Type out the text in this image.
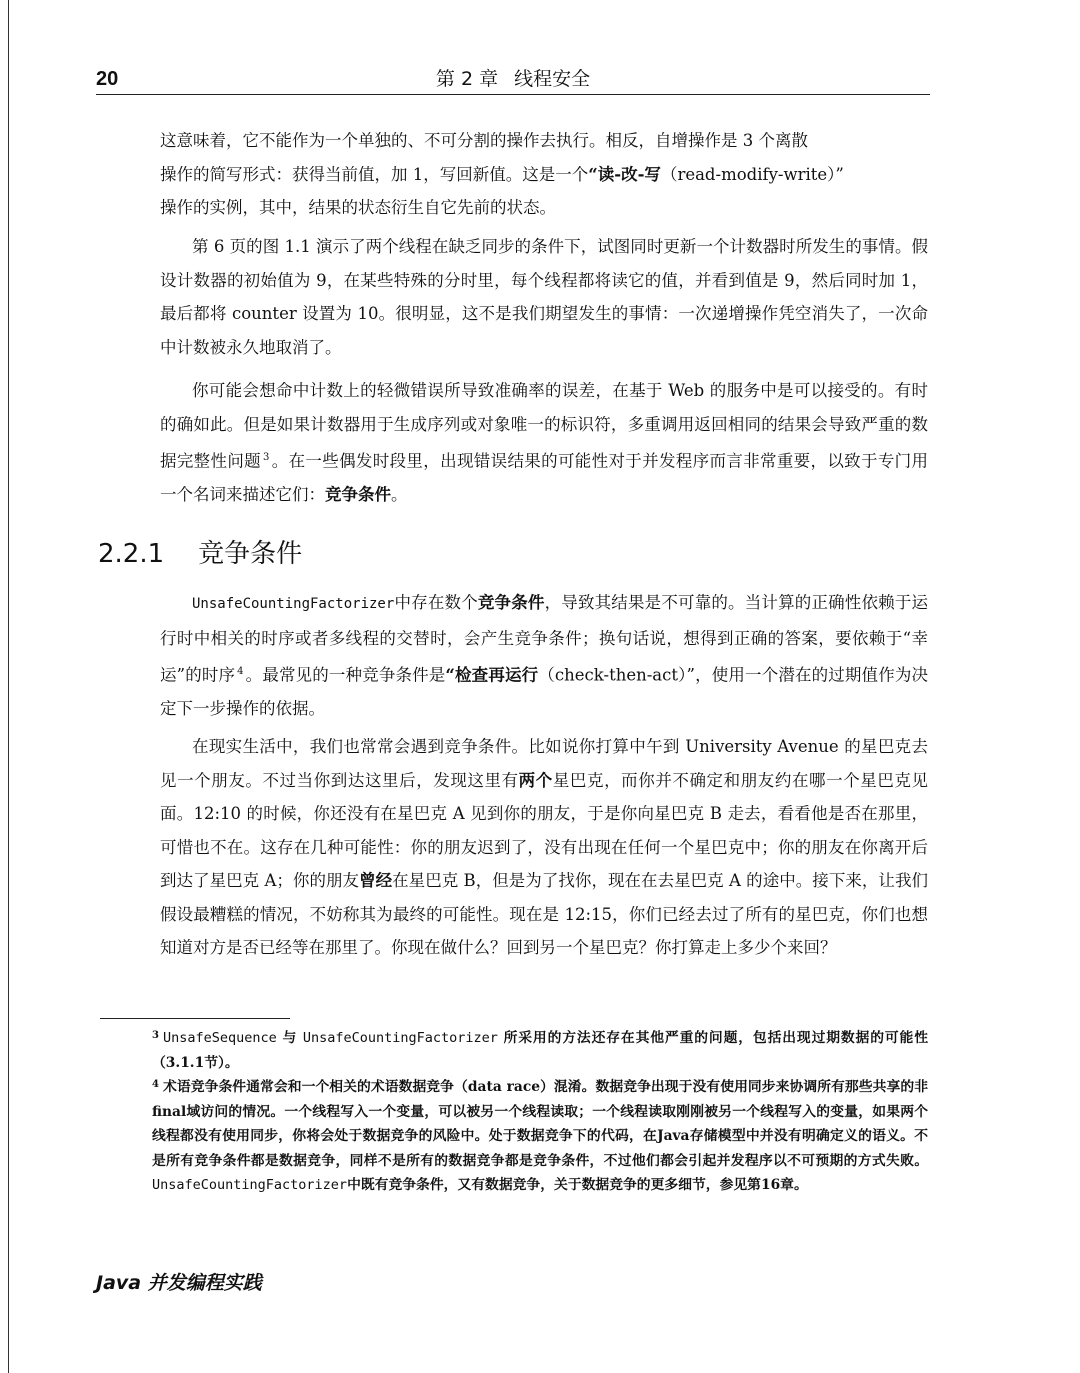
20	第 2 章 线程安全

这意味着，它不能作为一个单独的、不可分割的操作去执行。相反，自增操作是 3 个离散

操作的简写形式：获得当前值，加 1，写回新值。这是一个“读-改-写（read-modify-write）”

操作的实例，其中，结果的状态衍生自它先前的状态。

第 6 页的图 1.1 演示了两个线程在缺乏同步的条件下，试图同时更新一个计数器时所发生的事情。假设计数器的初始值为 9，在某些特殊的分时里，每个线程都将读它的值，并看到值是 9，然后同时加 1，最后都将 counter 设置为 10。很明显，这不是我们期望发生的事情：一次递增操作凭空消失了，一次命中计数被永久地取消了。

你可能会想命中计数上的轻微错误所导致准确率的误差，在基于 Web 的服务中是可以接受的。有时的确如此。但是如果计数器用于生成序列或对象唯一的标识符，多重调用返回相同的结果会导致严重的数据完整性问题 $^3$ 。在一些偶发时段里，出现错误结果的可能性对于并发程序而言非常重要，以致于专门用一个名词来描述它们：竞争条件。

2.2.1 竞争条件

UnsafeCountingFactorizer中存在数个竞争条件，导致其结果是不可靠的。当计算的正确性依赖于运行时中相关的时序或者多线程的交替时，会产生竞争条件；换句话说，想得到正确的答案，要依赖于“幸运”的时序 $^4$ 。最常见的一种竞争条件是“检查再运行（check-then-act）”，使用一个潜在的过期值作为决定下一步操作的依据。

在现实生活中，我们也常常会遇到竞争条件。比如说你打算中午到 University Avenue 的星巴克去见一个朋友。不过当你到达这里后，发现这里有两个星巴克，而你并不确定和朋友约在哪一个星巴克见面。12:10 的时候，你还没有在星巴克 A 见到你的朋友，于是你向星巴克 B 走去，看看他是否在那里，可惜也不在。这存在几种可能性：你的朋友迟到了，没有出现在任何一个星巴克中；你的朋友在你离开后到达了星巴克 A；你的朋友曾经在星巴克 B，但是为了找你，现在在去星巴克 A 的途中。接下来，让我们假设最糟糕的情况，不妨称其为最终的可能性。现在是 12:15，你们已经去过了所有的星巴克，你们也想知道对方是否已经等在那里了。你现在做什么？回到另一个星巴克？你打算走上多少个来回？

$^3$ UnsafeSequence 与 UnsafeCountingFactorizer 所采用的方法还存在其他严重的问题，包括出现过期数据的可能性（3.1.1节）。

$^4$ 术语竞争条件通常会和一个相关的术语数据竞争（data race）混淆。数据竞争出现于没有使用同步来协调所有那些共享的非final域访问的情况。一个线程写入一个变量，可以被另一个线程读取；一个线程读取刚刚被另一个线程写入的变量，如果两个线程都没有使用同步，你将会处于数据竞争的风险中。处于数据竞争下的代码，在Java存储模型中并没有明确定义的语义。不是所有竞争条件都是数据竞争，同样不是所有的数据竞争都是竞争条件，不过他们都会引起并发程序以不可预期的方式失败。UnsafeCountingFactorizer中既有竞争条件，又有数据竞争，关于数据竞争的更多细节，参见第16章。

Java 并发编程实践
